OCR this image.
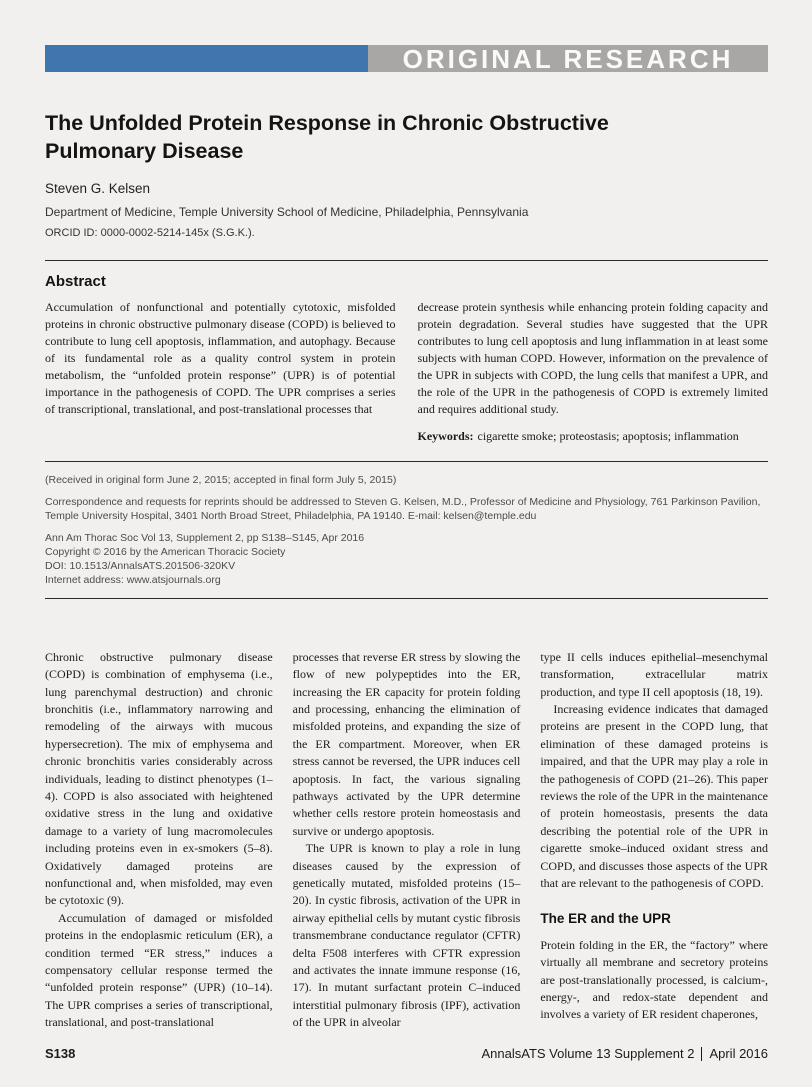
ORIGINAL RESEARCH
The Unfolded Protein Response in Chronic Obstructive Pulmonary Disease
Steven G. Kelsen
Department of Medicine, Temple University School of Medicine, Philadelphia, Pennsylvania
ORCID ID: 0000-0002-5214-145x (S.G.K.).
Abstract

Accumulation of nonfunctional and potentially cytotoxic, misfolded proteins in chronic obstructive pulmonary disease (COPD) is believed to contribute to lung cell apoptosis, inflammation, and autophagy. Because of its fundamental role as a quality control system in protein metabolism, the “unfolded protein response” (UPR) is of potential importance in the pathogenesis of COPD. The UPR comprises a series of transcriptional, translational, and post-translational processes that

decrease protein synthesis while enhancing protein folding capacity and protein degradation. Several studies have suggested that the UPR contributes to lung cell apoptosis and lung inflammation in at least some subjects with human COPD. However, information on the prevalence of the UPR in subjects with COPD, the lung cells that manifest a UPR, and the role of the UPR in the pathogenesis of COPD is extremely limited and requires additional study.

Keywords: cigarette smoke; proteostasis; apoptosis; inflammation

(Received in original form June 2, 2015; accepted in final form July 5, 2015)

Correspondence and requests for reprints should be addressed to Steven G. Kelsen, M.D., Professor of Medicine and Physiology, 761 Parkinson Pavilion, Temple University Hospital, 3401 North Broad Street, Philadelphia, PA 19140. E-mail: kelsen@temple.edu

Ann Am Thorac Soc Vol 13, Supplement 2, pp S138–S145, Apr 2016

Copyright © 2016 by the American Thoracic Society

DOI: 10.1513/AnnalsATS.201506-320KV

Internet address: www.atsjournals.org

Chronic obstructive pulmonary disease (COPD) is combination of emphysema (i.e., lung parenchymal destruction) and chronic bronchitis (i.e., inflammatory narrowing and remodeling of the airways with mucous hypersecretion). The mix of emphysema and chronic bronchitis varies considerably across individuals, leading to distinct phenotypes (1–4). COPD is also associated with heightened oxidative stress in the lung and oxidative damage to a variety of lung macromolecules including proteins even in ex-smokers (5–8). Oxidatively damaged proteins are nonfunctional and, when misfolded, may even be cytotoxic (9).

Accumulation of damaged or misfolded proteins in the endoplasmic reticulum (ER), a condition termed “ER stress,” induces a compensatory cellular response termed the “unfolded protein response” (UPR) (10–14). The UPR comprises a series of transcriptional, translational, and post-translational

processes that reverse ER stress by slowing the flow of new polypeptides into the ER, increasing the ER capacity for protein folding and processing, enhancing the elimination of misfolded proteins, and expanding the size of the ER compartment. Moreover, when ER stress cannot be reversed, the UPR induces cell apoptosis. In fact, the various signaling pathways activated by the UPR determine whether cells restore protein homeostasis and survive or undergo apoptosis.

The UPR is known to play a role in lung diseases caused by the expression of genetically mutated, misfolded proteins (15–20). In cystic fibrosis, activation of the UPR in airway epithelial cells by mutant cystic fibrosis transmembrane conductance regulator (CFTR) delta F508 interferes with CFTR expression and activates the innate immune response (16, 17). In mutant surfactant protein C–induced interstitial pulmonary fibrosis (IPF), activation of the UPR in alveolar

type II cells induces epithelial–mesenchymal transformation, extracellular matrix production, and type II cell apoptosis (18, 19).

Increasing evidence indicates that damaged proteins are present in the COPD lung, that elimination of these damaged proteins is impaired, and that the UPR may play a role in the pathogenesis of COPD (21–26). This paper reviews the role of the UPR in the maintenance of protein homeostasis, presents the data describing the potential role of the UPR in cigarette smoke–induced oxidant stress and COPD, and discusses those aspects of the UPR that are relevant to the pathogenesis of COPD.

The ER and the UPR

Protein folding in the ER, the “factory” where virtually all membrane and secretory proteins are post-translationally processed, is calcium-, energy-, and redox-state dependent and involves a variety of ER resident chaperones,

S138	AnnalsATS Volume 13 Supplement 2 April 2016
